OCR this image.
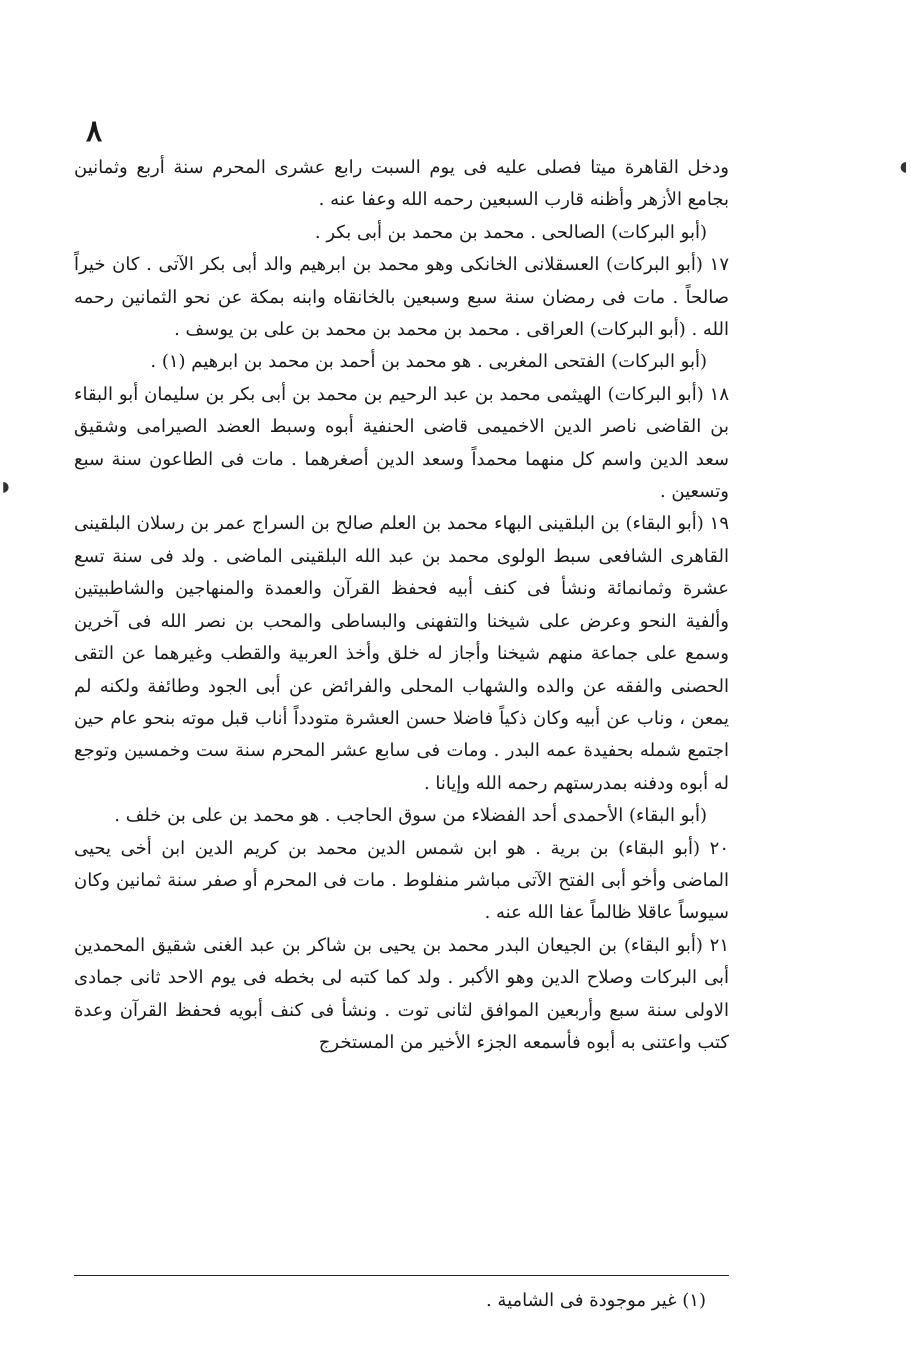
٨

ودخل القاهرة ميتا فصلى عليه فى يوم السبت رابع عشرى المحرم سنة أربع وثمانين بجامع الأزهر وأظنه قارب السبعين رحمه الله وعفا عنه .

(أبو البركات) الصالحى . محمد بن محمد بن أبى بكر .

١٧ (أبو البركات) العسقلانى الخانكى وهو محمد بن ابرهيم والد أبى بكر الآتى . كان خيراً صالحاً . مات فى رمضان سنة سبع وسبعين بالخانقاه وابنه بمكة عن نحو الثمانين رحمه الله . (أبو البركات) العراقى . محمد بن محمد بن محمد بن على بن يوسف .

(أبو البركات) الفتحى المغربى . هو محمد بن أحمد بن محمد بن ابرهيم (١) .

١٨ (أبو البركات) الهيثمى محمد بن عبد الرحيم بن محمد بن أبى بكر بن سليمان أبو البقاء بن القاضى ناصر الدين الاخميمى قاضى الحنفية أبوه وسبط العضد الصيرامى وشقيق سعد الدين واسم كل منهما محمداً وسعد الدين أصغرهما . مات فى الطاعون سنة سبع وتسعين .

١٩ (أبو البقاء) بن البلقينى البهاء محمد بن العلم صالح بن السراج عمر بن رسلان البلقينى القاهرى الشافعى سبط الولوى محمد بن عبد الله البلقينى الماضى . ولد فى سنة تسع عشرة وثمانمائة ونشأ فى كنف أبيه فحفظ القرآن والعمدة والمنهاجين والشاطبيتين وألفية النحو وعرض على شيخنا والتفهنى والبساطى والمحب بن نصر الله فى آخرين وسمع على جماعة منهم شيخنا وأجاز له خلق وأخذ العربية والقطب وغيرهما عن التقى الحصنى والفقه عن والده والشهاب المحلى والفرائض عن أبى الجود وطائفة ولكنه لم يمعن ، وناب عن أبيه وكان ذكياً فاضلا حسن العشرة متودداً أناب قبل موته بنحو عام حين اجتمع شمله بحفيدة عمه البدر . ومات فى سابع عشر المحرم سنة ست وخمسين وتوجع له أبوه ودفنه بمدرستهم رحمه الله وإيانا .

(أبو البقاء) الأحمدى أحد الفضلاء من سوق الحاجب . هو محمد بن على بن خلف .

٢٠ (أبو البقاء) بن برية . هو ابن شمس الدين محمد بن كريم الدين ابن أخى يحيى الماضى وأخو أبى الفتح الآتى مباشر منفلوط . مات فى المحرم أو صفر سنة ثمانين وكان سيوساً عاقلا ظالماً عفا الله عنه .

٢١ (أبو البقاء) بن الجيعان البدر محمد بن يحيى بن شاكر بن عبد الغنى شقيق المحمدين أبى البركات وصلاح الدين وهو الأكبر . ولد كما كتبه لى بخطه فى يوم الاحد ثانى جمادى الاولى سنة سبع وأربعين الموافق لثانى توت . ونشأ فى كنف أبويه فحفظ القرآن وعدة كتب واعتنى به أبوه فأسمعه الجزء الأخير من المستخرج

(١) غير موجودة فى الشامية .
◖
◗
